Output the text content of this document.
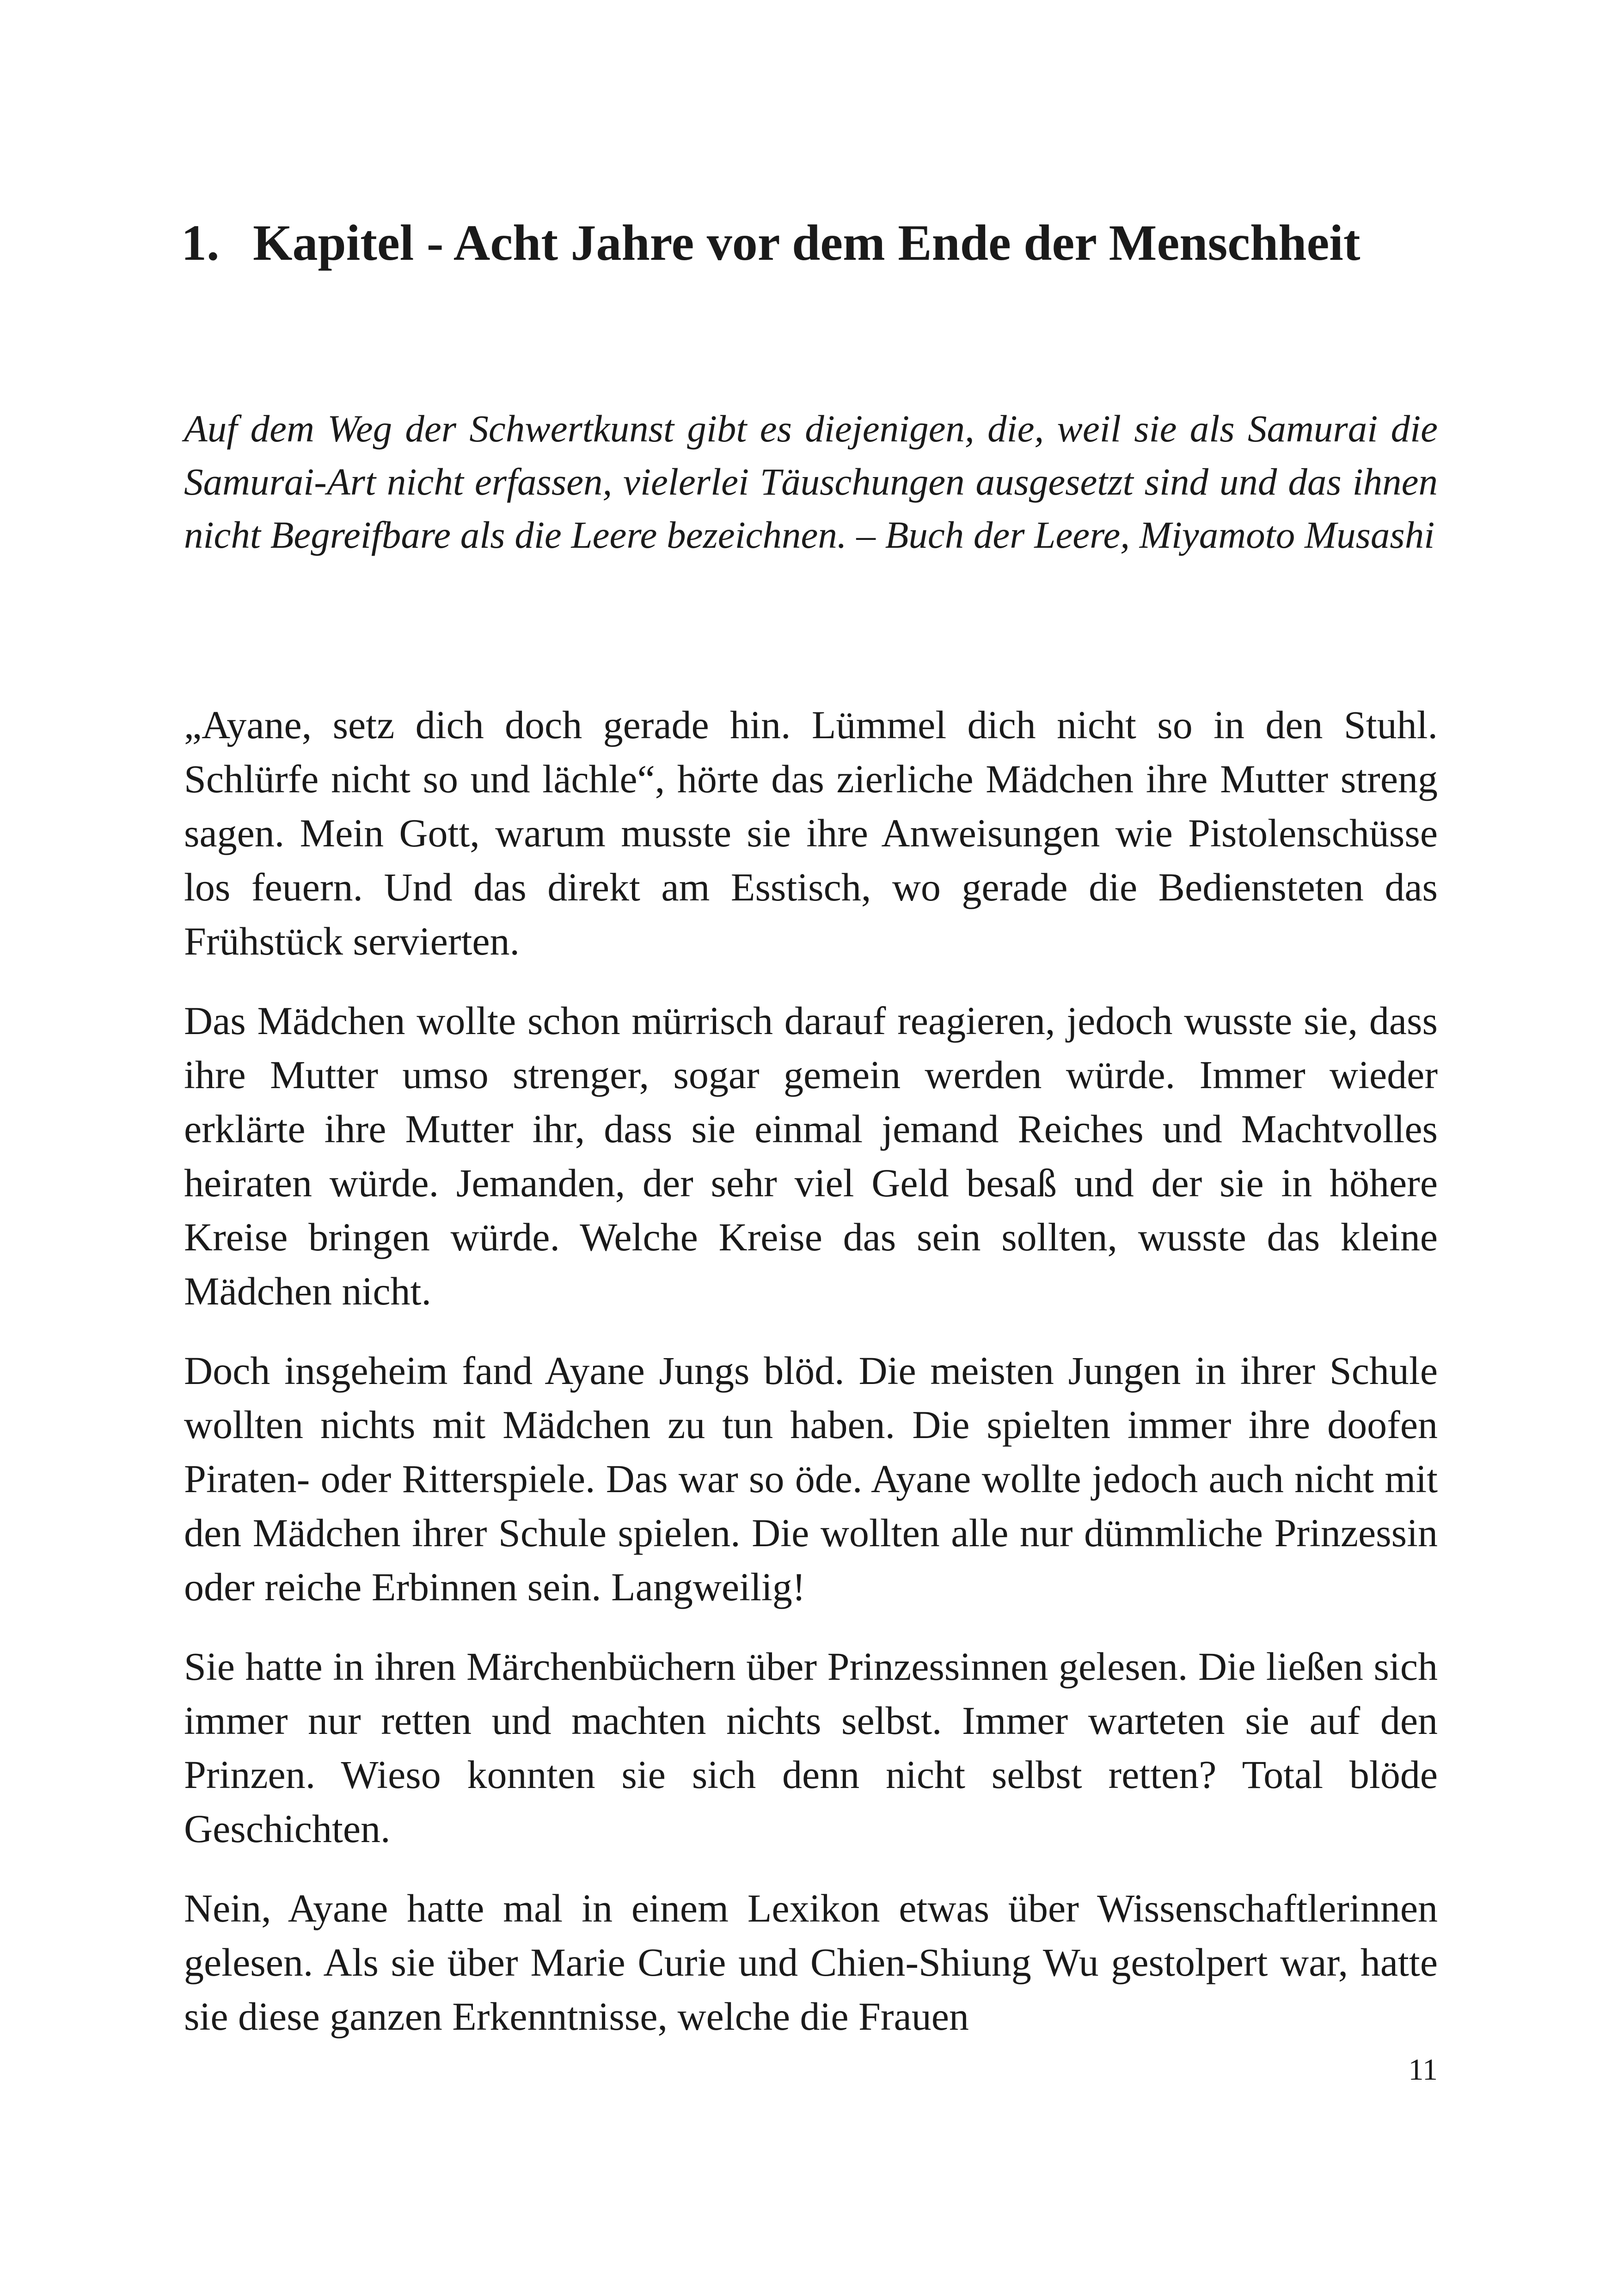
1. Kapitel - Acht Jahre vor dem Ende der Menschheit

Auf dem Weg der Schwertkunst gibt es diejenigen, die, weil sie als Samurai die Samurai-Art nicht erfassen, vielerlei Täuschungen ausgesetzt sind und das ihnen nicht Begreifbare als die Leere bezeichnen. – Buch der Leere, Miyamoto Musashi

„Ayane, setz dich doch gerade hin. Lümmel dich nicht so in den Stuhl. Schlürfe nicht so und lächle“, hörte das zierliche Mädchen ihre Mutter streng sagen. Mein Gott, warum musste sie ihre Anweisungen wie Pistolenschüsse los feuern. Und das direkt am Esstisch, wo gerade die Bediensteten das Frühstück servierten.

Das Mädchen wollte schon mürrisch darauf reagieren, jedoch wusste sie, dass ihre Mutter umso strenger, sogar gemein werden würde. Immer wieder erklärte ihre Mutter ihr, dass sie einmal jemand Reiches und Machtvolles heiraten würde. Jemanden, der sehr viel Geld besaß und der sie in höhere Kreise bringen würde. Welche Kreise das sein sollten, wusste das kleine Mädchen nicht.

Doch insgeheim fand Ayane Jungs blöd. Die meisten Jungen in ihrer Schule wollten nichts mit Mädchen zu tun haben. Die spielten immer ihre doofen Piraten- oder Ritterspiele. Das war so öde. Ayane wollte jedoch auch nicht mit den Mädchen ihrer Schule spielen. Die wollten alle nur dümmliche Prinzessin oder reiche Erbinnen sein. Langweilig!

Sie hatte in ihren Märchenbüchern über Prinzessinnen gelesen. Die ließen sich immer nur retten und machten nichts selbst. Immer warteten sie auf den Prinzen. Wieso konnten sie sich denn nicht selbst retten? Total blöde Geschichten.

Nein, Ayane hatte mal in einem Lexikon etwas über Wissenschaftlerinnen gelesen. Als sie über Marie Curie und Chien-Shiung Wu gestolpert war, hatte sie diese ganzen Erkenntnisse, welche die Frauen

11
